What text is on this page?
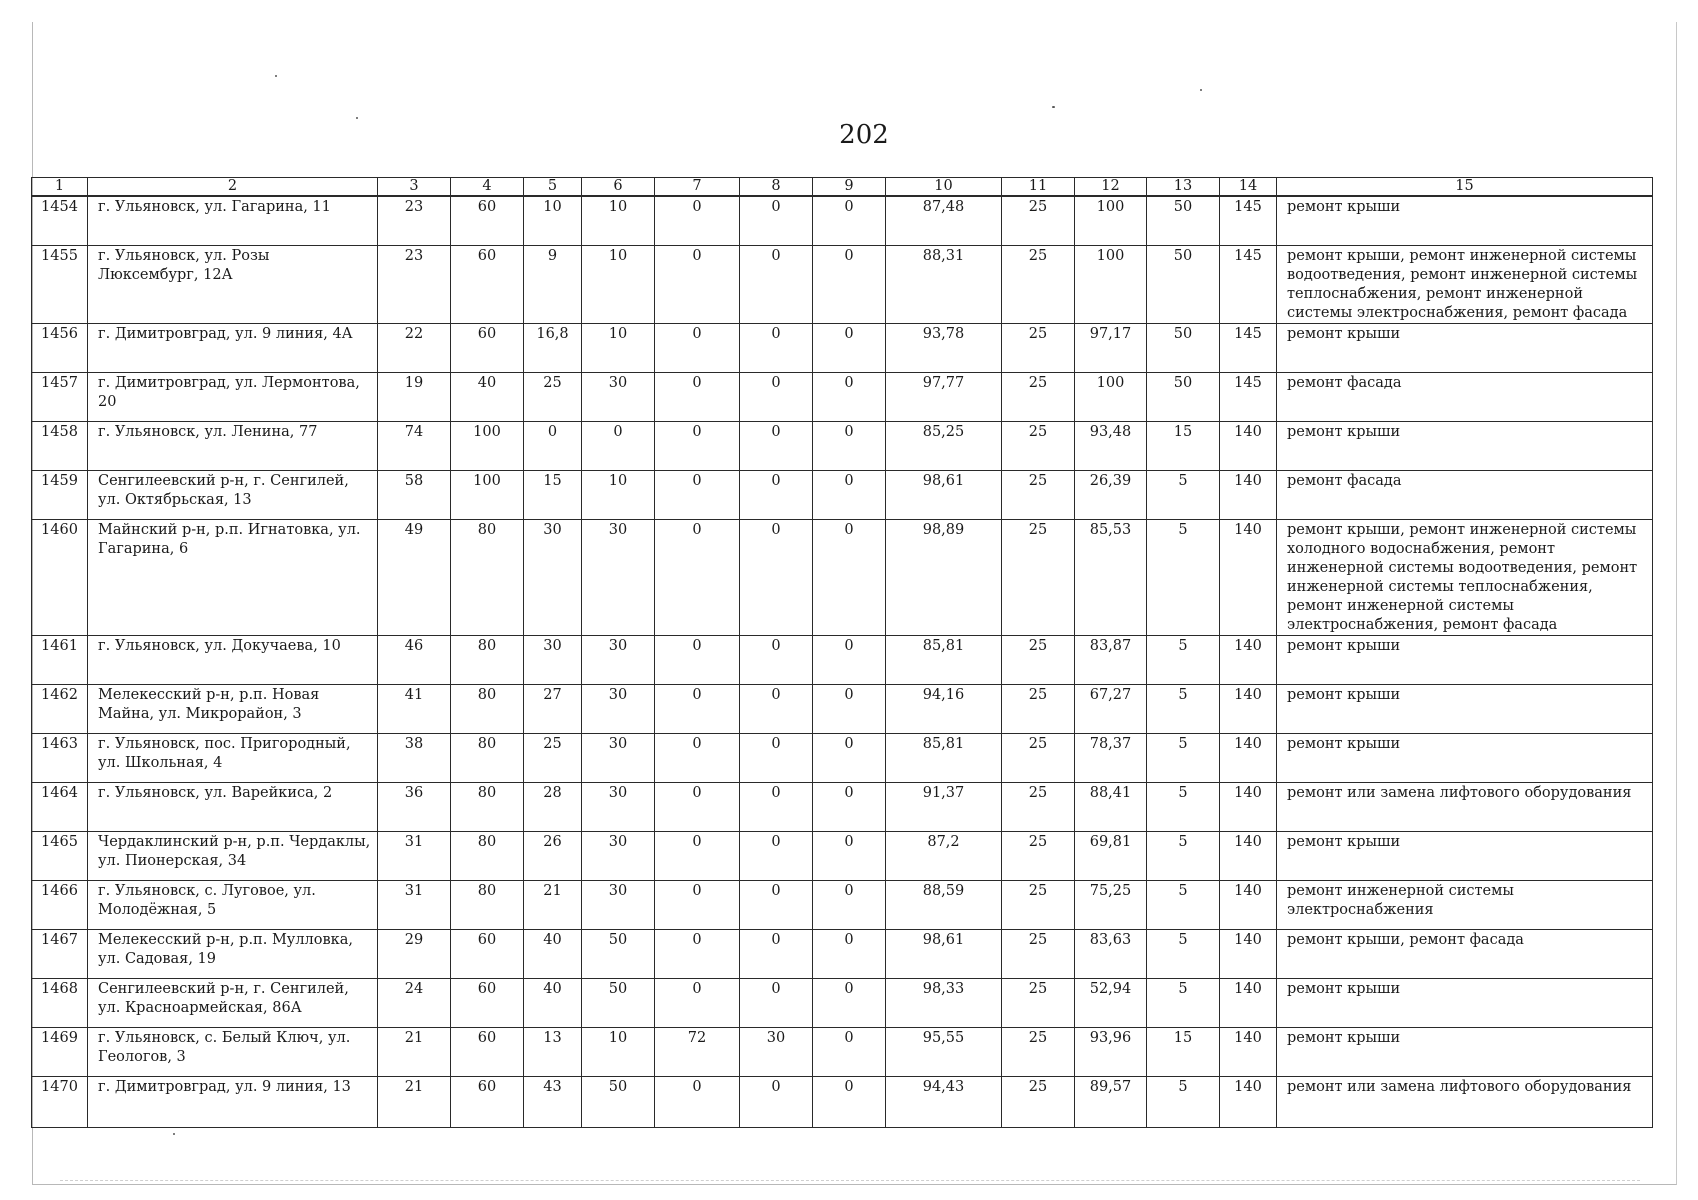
202
1	2	3	4	5	6	7	8	9	10	11	12	13	14	15
1454	г. Ульяновск, ул. Гагарина, 11	23	60	10	10	0	0	0	87,48	25	100	50	145	ремонт крыши
1455	г. Ульяновск, ул. Розы Люксембург, 12А	23	60	9	10	0	0	0	88,31	25	100	50	145	ремонт крыши, ремонт инженерной системы водоотведения, ремонт инженерной системы теплоснабжения, ремонт инженерной системы электроснабжения, ремонт фасада
1456	г. Димитровград, ул. 9 линия, 4А	22	60	16,8	10	0	0	0	93,78	25	97,17	50	145	ремонт крыши
1457	г. Димитровград, ул. Лермонтова, 20	19	40	25	30	0	0	0	97,77	25	100	50	145	ремонт фасада
1458	г. Ульяновск, ул. Ленина, 77	74	100	0	0	0	0	0	85,25	25	93,48	15	140	ремонт крыши
1459	Сенгилеевский р-н, г. Сенгилей, ул. Октябрьская, 13	58	100	15	10	0	0	0	98,61	25	26,39	5	140	ремонт фасада
1460	Майнский р-н, р.п. Игнатовка, ул. Гагарина, 6	49	80	30	30	0	0	0	98,89	25	85,53	5	140	ремонт крыши, ремонт инженерной системы холодного водоснабжения, ремонт инженерной системы водоотведения, ремонт инженерной системы теплоснабжения, ремонт инженерной системы электроснабжения, ремонт фасада
1461	г. Ульяновск, ул. Докучаева, 10	46	80	30	30	0	0	0	85,81	25	83,87	5	140	ремонт крыши
1462	Мелекесский р-н, р.п. Новая Майна, ул. Микрорайон, 3	41	80	27	30	0	0	0	94,16	25	67,27	5	140	ремонт крыши
1463	г. Ульяновск, пос. Пригородный, ул. Школьная, 4	38	80	25	30	0	0	0	85,81	25	78,37	5	140	ремонт крыши
1464	г. Ульяновск, ул. Варейкиса, 2	36	80	28	30	0	0	0	91,37	25	88,41	5	140	ремонт или замена лифтового оборудования
1465	Чердаклинский р-н, р.п. Чердаклы, ул. Пионерская, 34	31	80	26	30	0	0	0	87,2	25	69,81	5	140	ремонт крыши
1466	г. Ульяновск, с. Луговое, ул. Молодёжная, 5	31	80	21	30	0	0	0	88,59	25	75,25	5	140	ремонт инженерной системы электроснабжения
1467	Мелекесский р-н, р.п. Мулловка, ул. Садовая, 19	29	60	40	50	0	0	0	98,61	25	83,63	5	140	ремонт крыши, ремонт фасада
1468	Сенгилеевский р-н, г. Сенгилей, ул. Красноармейская, 86А	24	60	40	50	0	0	0	98,33	25	52,94	5	140	ремонт крыши
1469	г. Ульяновск, с. Белый Ключ, ул. Геологов, 3	21	60	13	10	72	30	0	95,55	25	93,96	15	140	ремонт крыши
1470	г. Димитровград, ул. 9 линия, 13	21	60	43	50	0	0	0	94,43	25	89,57	5	140	ремонт или замена лифтового оборудования
